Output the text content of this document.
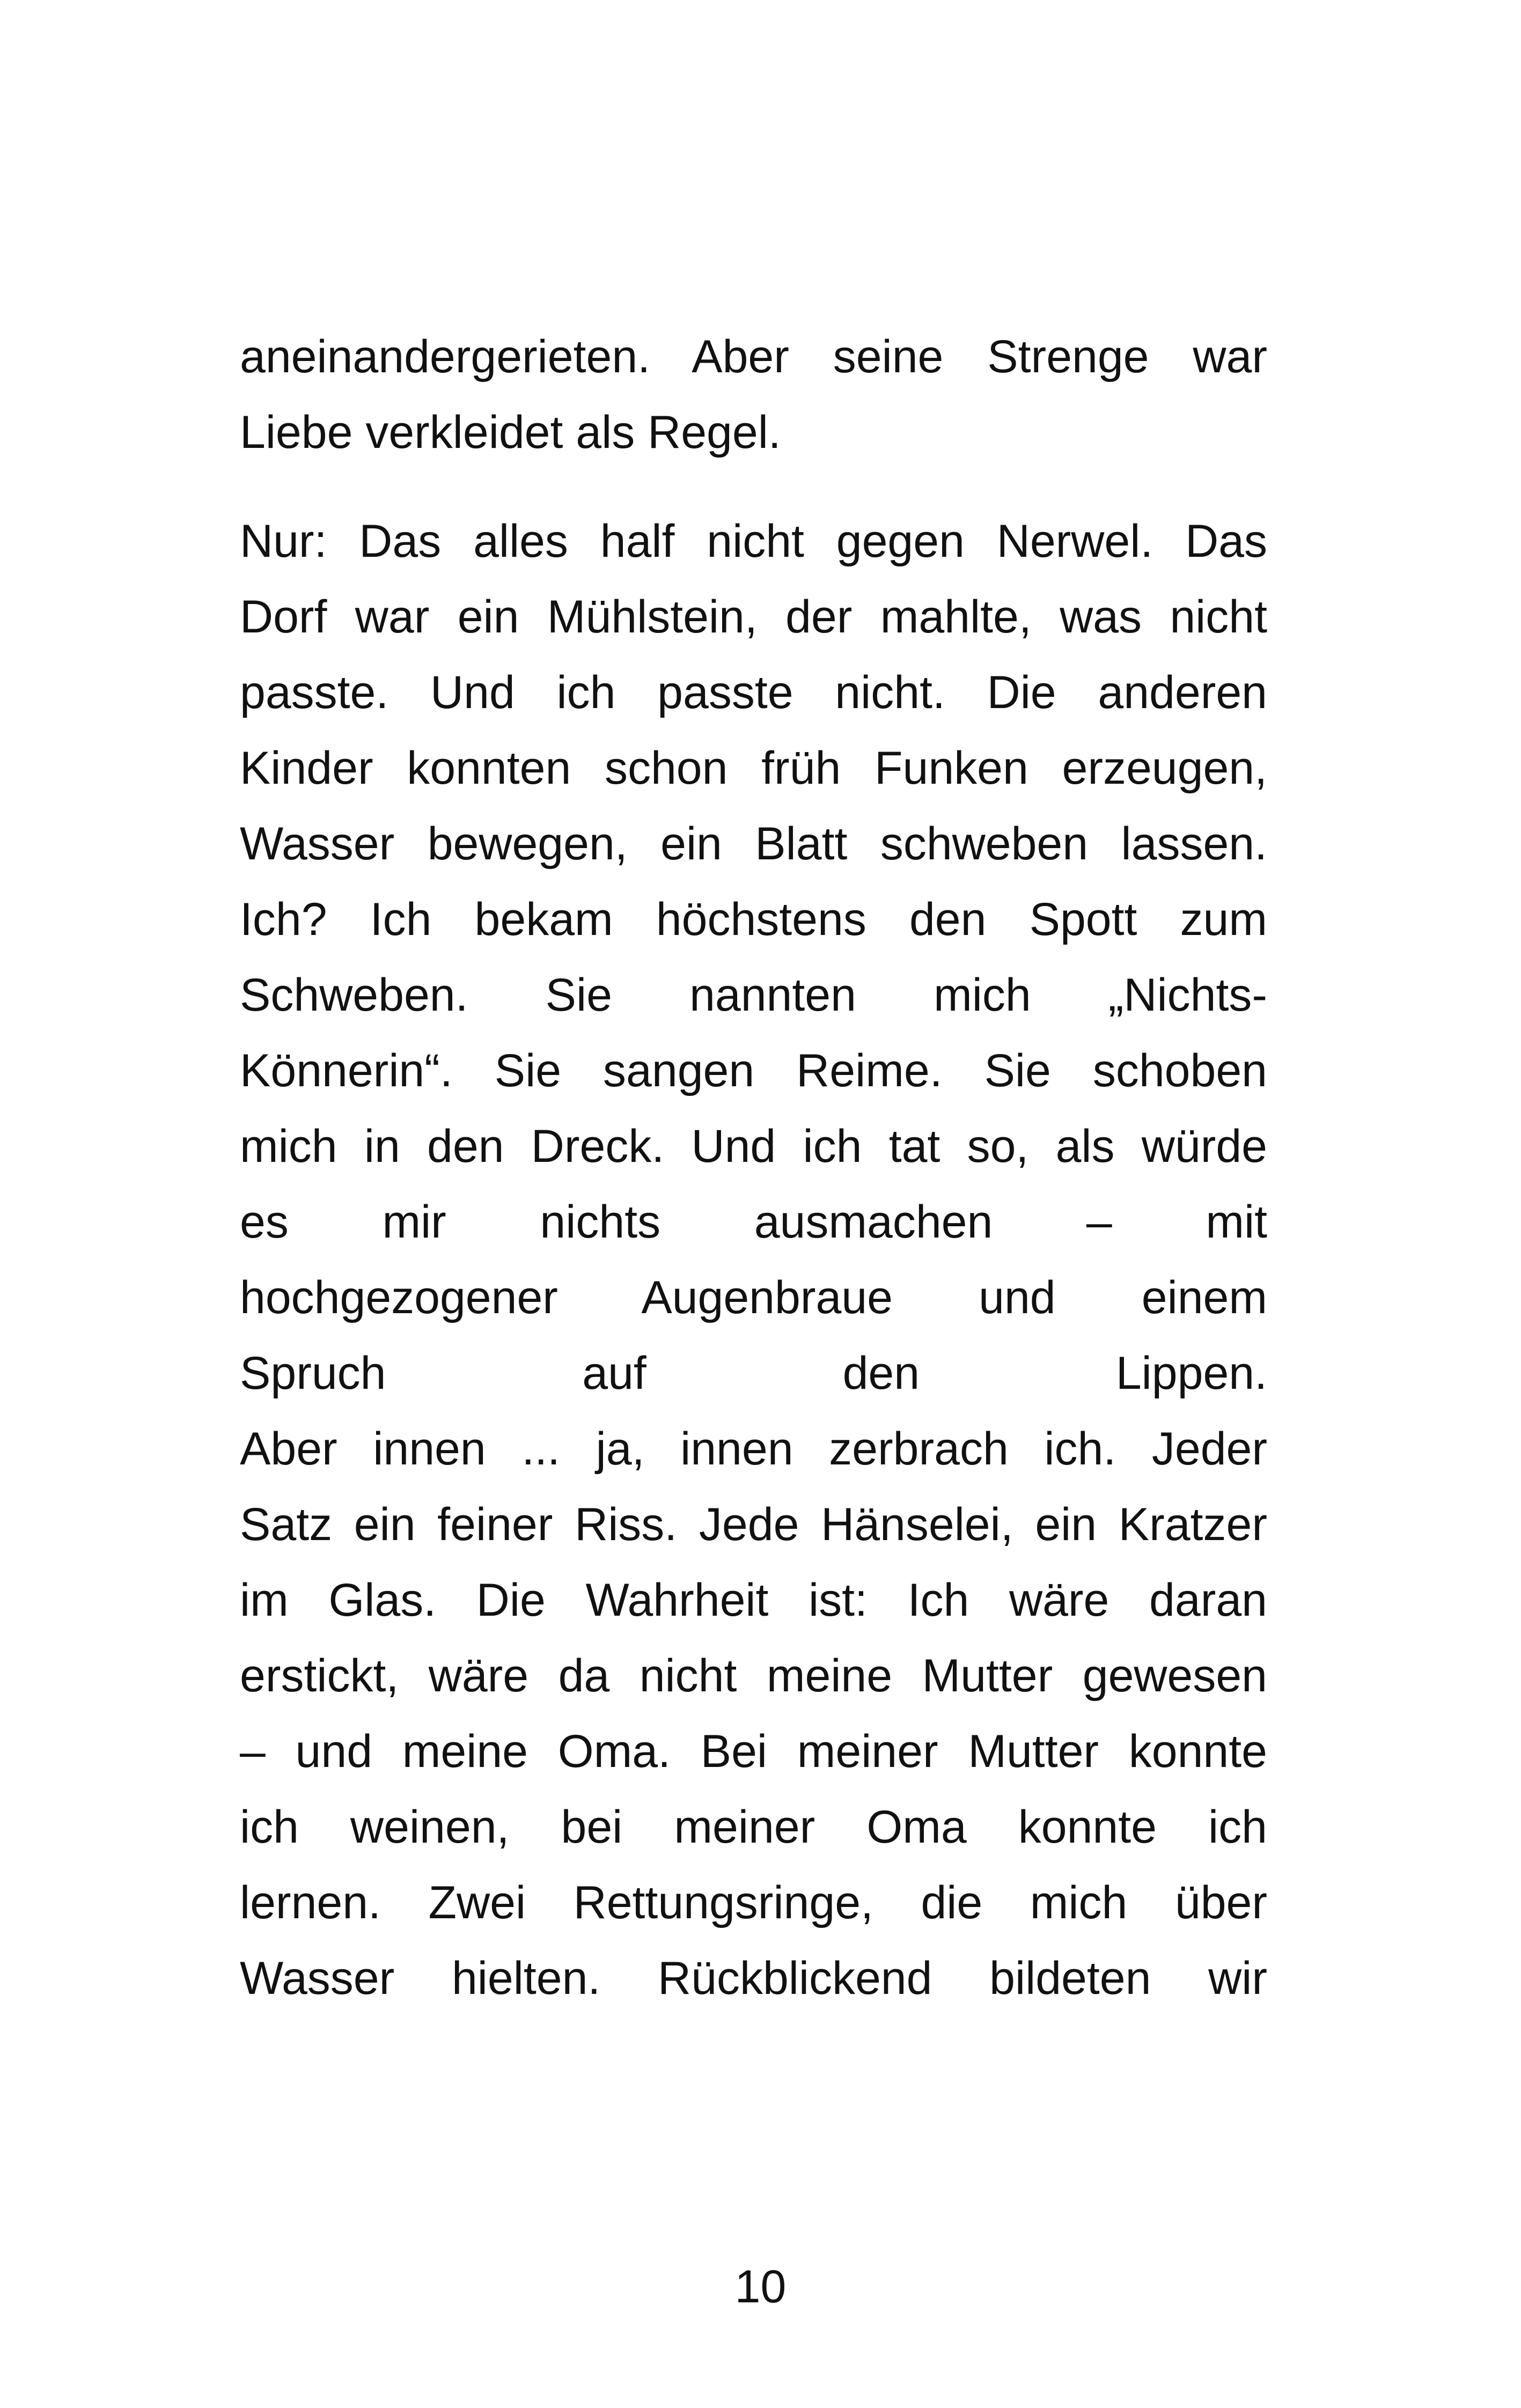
aneinandergerieten. Aber seine Strenge war
Liebe verkleidet als Regel.
Nur: Das alles half nicht gegen Nerwel. Das
Dorf war ein Mühlstein, der mahlte, was nicht
passte. Und ich passte nicht. Die anderen
Kinder konnten schon früh Funken erzeugen,
Wasser bewegen, ein Blatt schweben lassen.
Ich? Ich bekam höchstens den Spott zum
Schweben. Sie nannten mich „Nichts-
Könnerin“. Sie sangen Reime. Sie schoben
mich in den Dreck. Und ich tat so, als würde
es mir nichts ausmachen – mit
hochgezogener Augenbraue und einem
Spruch auf den Lippen.
Aber innen ... ja, innen zerbrach ich. Jeder
Satz ein feiner Riss. Jede Hänselei, ein Kratzer
im Glas. Die Wahrheit ist: Ich wäre daran
erstickt, wäre da nicht meine Mutter gewesen
– und meine Oma. Bei meiner Mutter konnte
ich weinen, bei meiner Oma konnte ich
lernen. Zwei Rettungsringe, die mich über
Wasser hielten. Rückblickend bildeten wir
10
